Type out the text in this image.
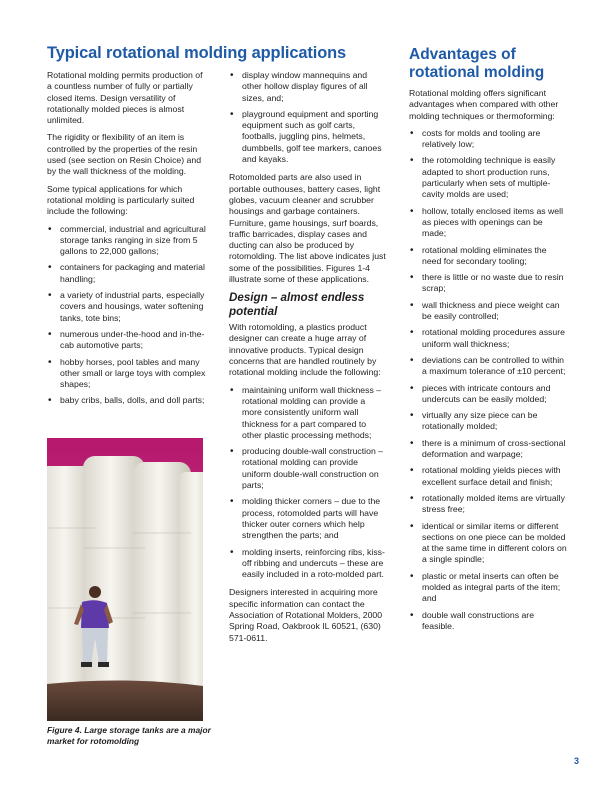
Typical rotational molding applications

Rotational molding permits production of a countless number of fully or partially closed items. Design versatility of rotationally molded pieces is almost unlimited.

The rigidity or flexibility of an item is controlled by the properties of the resin used (see section on Resin Choice) and by the wall thickness of the molding.

Some typical applications for which rotational molding is particularly suited include the following:

• commercial, industrial and agricultural storage tanks ranging in size from 5 gallons to 22,000 gallons;
• containers for packaging and material handling;
• a variety of industrial parts, especially covers and housings, water softening tanks, tote bins;
• numerous under-the-hood and in-the-cab automotive parts;
• hobby horses, pool tables and many other small or large toys with complex shapes;
• baby cribs, balls, dolls, and doll parts;
Figure 4. Large storage tanks are a major market for rotomolding
• display window mannequins and other hollow display figures of all sizes, and;
• playground equipment and sporting equipment such as golf carts, footballs, juggling pins, helmets, dumbbells, golf tee markers, canoes and kayaks.

Rotomolded parts are also used in portable outhouses, battery cases, light globes, vacuum cleaner and scrubber housings and garbage containers. Furniture, game housings, surf boards, traffic barricades, display cases and ducting can also be produced by rotomolding. The list above indicates just some of the possibilities. Figures 1-4 illustrate some of these applications.

Design – almost endless potential

With rotomolding, a plastics product designer can create a huge array of innovative products. Typical design concerns that are handled routinely by rotational molding include the following:

• maintaining uniform wall thickness – rotational molding can provide a more consistently uniform wall thickness for a part compared to other plastic processing methods;
• producing double-wall construction – rotational molding can provide uniform double-wall construction on parts;
• molding thicker corners – due to the process, rotomolded parts will have thicker outer corners which help strengthen the parts; and
• molding inserts, reinforcing ribs, kiss-off ribbing and undercuts – these are easily included in a roto-molded part.

Designers interested in acquiring more specific information can contact the Association of Rotational Molders, 2000 Spring Road, Oakbrook IL 60521, (630) 571-0611.

Advantages of rotational molding

Rotational molding offers significant advantages when compared with other molding techniques or thermoforming:

• costs for molds and tooling are relatively low;
• the rotomolding technique is easily adapted to short production runs, particularly when sets of multiple-cavity molds are used;
• hollow, totally enclosed items as well as pieces with openings can be made;
• rotational molding eliminates the need for secondary tooling;
• there is little or no waste due to resin scrap;
• wall thickness and piece weight can be easily controlled;
• rotational molding procedures assure uniform wall thickness;
• deviations can be controlled to within a maximum tolerance of ±10 percent;
• pieces with intricate contours and undercuts can be easily molded;
• virtually any size piece can be rotationally molded;
• there is a minimum of cross-sectional deformation and warpage;
• rotational molding yields pieces with excellent surface detail and finish;
• rotationally molded items are virtually stress free;
• identical or similar items or different sections on one piece can be molded at the same time in different colors on a single spindle;
• plastic or metal inserts can often be molded as integral parts of the item; and
• double wall constructions are feasible.
3
